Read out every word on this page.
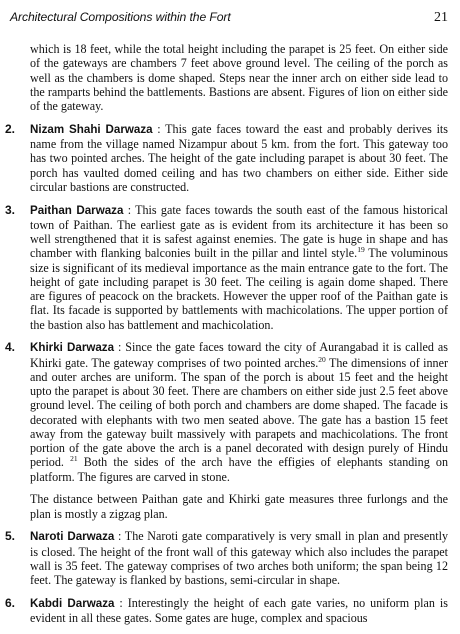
Architectural Compositions within the Fort	21

which is 18 feet, while the total height including the parapet is 25 feet. On either side of the gateways are chambers 7 feet above ground level. The ceiling of the porch as well as the chambers is dome shaped. Steps near the inner arch on either side lead to the ramparts behind the battlements. Bastions are absent. Figures of lion on either side of the gateway.

2. Nizam Shahi Darwaza : This gate faces toward the east and probably derives its name from the village named Nizampur about 5 km. from the fort. This gateway too has two pointed arches. The height of the gate including parapet is about 30 feet. The porch has vaulted domed ceiling and has two chambers on either side. Either side circular bastions are constructed.
3. Paithan Darwaza : This gate faces towards the south east of the famous historical town of Paithan. The earliest gate as is evident from its architecture it has been so well strengthened that it is safest against enemies. The gate is huge in shape and has chamber with flanking balconies built in the pillar and lintel style.$^{19}$ The voluminous size is significant of its medieval importance as the main entrance gate to the fort. The height of gate including parapet is 30 feet. The ceiling is again dome shaped. There are figures of peacock on the brackets. However the upper roof of the Paithan gate is flat. Its facade is supported by battlements with machicolations. The upper portion of the bastion also has battlement and machicolation.
4. Khirki Darwaza : Since the gate faces toward the city of Aurangabad it is called as Khirki gate. The gateway comprises of two pointed arches.$^{20}$ The dimensions of inner and outer arches are uniform. The span of the porch is about 15 feet and the height upto the parapet is about 30 feet. There are chambers on either side just 2.5 feet above ground level. The ceiling of both porch and chambers are dome shaped. The facade is decorated with elephants with two men seated above. The gate has a bastion 15 feet away from the gateway built massively with parapets and machicolations. The front portion of the gate above the arch is a panel decorated with design purely of Hindu period. $^{21}$ Both the sides of the arch have the effigies of elephants standing on platform. The figures are carved in stone.

The distance between Paithan gate and Khirki gate measures three furlongs and the plan is mostly a zigzag plan.

5. Naroti Darwaza : The Naroti gate comparatively is very small in plan and presently is closed. The height of the front wall of this gateway which also includes the parapet wall is 35 feet. The gateway comprises of two arches both uniform; the span being 12 feet. The gateway is flanked by bastions, semi-circular in shape.
6. Kabdi Darwaza : Interestingly the height of each gate varies, no uniform plan is evident in all these gates. Some gates are huge, complex and spacious
